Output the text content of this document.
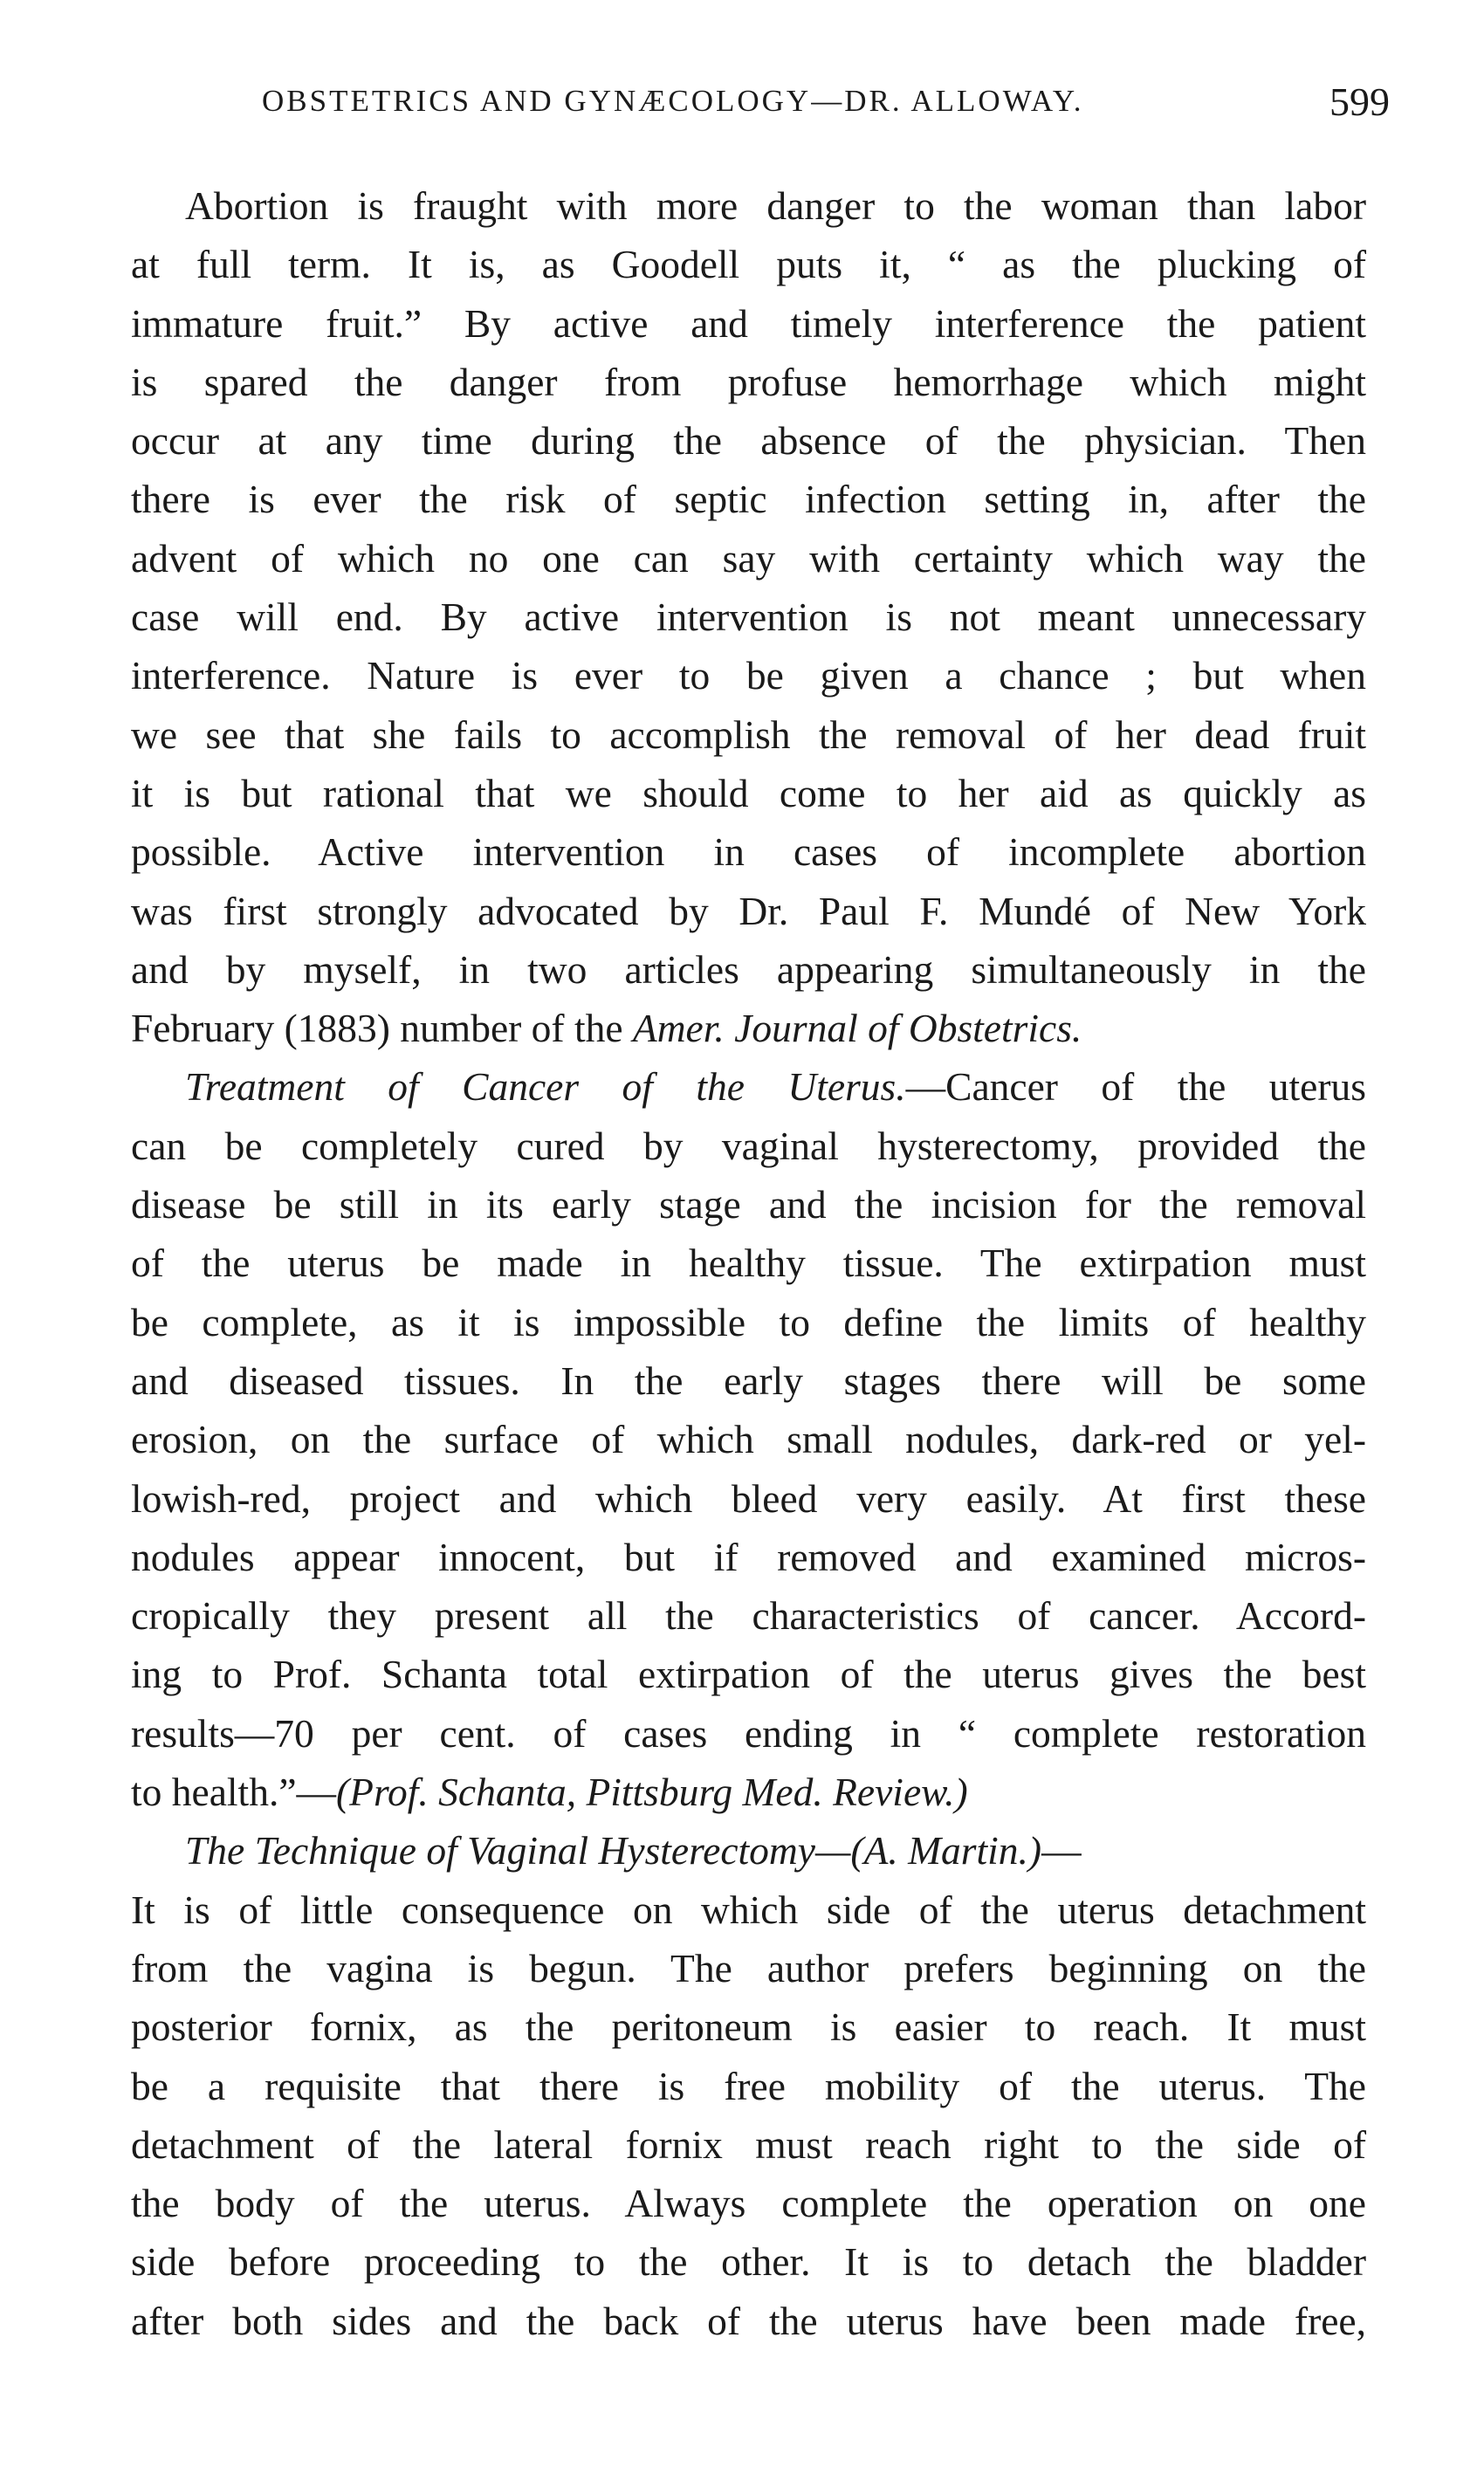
OBSTETRICS AND GYNÆCOLOGY—DR. ALLOWAY.	599
Abortion is fraught with more danger to the woman than labor
at full term. It is, as Goodell puts it, “ as the plucking of
immature fruit.” By active and timely interference the patient
is spared the danger from profuse hemorrhage which might
occur at any time during the absence of the physician. Then
there is ever the risk of septic infection setting in, after the
advent of which no one can say with certainty which way the
case will end. By active intervention is not meant unnecessary
interference. Nature is ever to be given a chance ; but when
we see that she fails to accomplish the removal of her dead fruit
it is but rational that we should come to her aid as quickly as
possible. Active intervention in cases of incomplete abortion
was first strongly advocated by Dr. Paul F. Mundé of New York
and by myself, in two articles appearing simultaneously in the
February (1883) number of the Amer. Journal of Obstetrics.
Treatment of Cancer of the Uterus.—Cancer of the uterus
can be completely cured by vaginal hysterectomy, provided the
disease be still in its early stage and the incision for the removal
of the uterus be made in healthy tissue. The extirpation must
be complete, as it is impossible to define the limits of healthy
and diseased tissues. In the early stages there will be some
erosion, on the surface of which small nodules, dark-red or yel-
lowish-red, project and which bleed very easily. At first these
nodules appear innocent, but if removed and examined micros-
cropically they present all the characteristics of cancer. Accord-
ing to Prof. Schanta total extirpation of the uterus gives the best
results—70 per cent. of cases ending in “ complete restoration
to health.”—(Prof. Schanta, Pittsburg Med. Review.)
The Technique of Vaginal Hysterectomy—(A. Martin.)—
It is of little consequence on which side of the uterus detachment
from the vagina is begun. The author prefers beginning on the
posterior fornix, as the peritoneum is easier to reach. It must
be a requisite that there is free mobility of the uterus. The
detachment of the lateral fornix must reach right to the side of
the body of the uterus. Always complete the operation on one
side before proceeding to the other. It is to detach the bladder
after both sides and the back of the uterus have been made free,
